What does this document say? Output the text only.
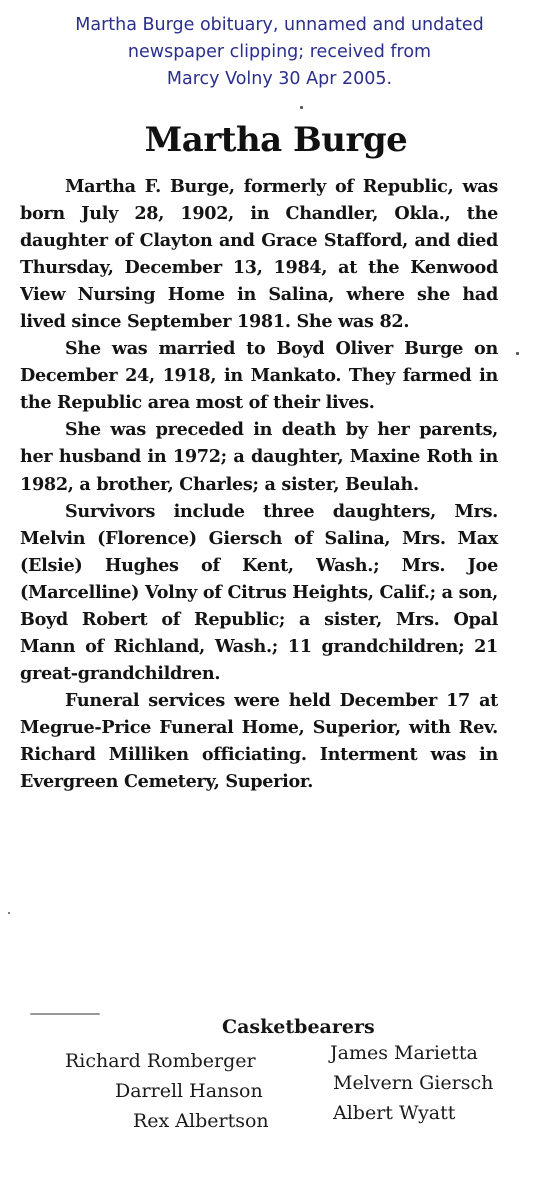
Martha Burge obituary, unnamed and undated
newspaper clipping; received from
Marcy Volny 30 Apr 2005.
Martha Burge

Martha F. Burge, formerly of Republic, was born July 28, 1902, in Chandler, Okla., the daughter of Clayton and Grace Stafford, and died Thursday, December 13, 1984, at the Kenwood View Nursing Home in Salina, where she had lived since September 1981. She was 82.

She was married to Boyd Oliver Burge on December 24, 1918, in Mankato. They farmed in the Republic area most of their lives.

She was preceded in death by her parents, her husband in 1972; a daughter, Maxine Roth in 1982, a brother, Charles; a sister, Beulah.

Survivors include three daughters, Mrs. Melvin (Florence) Giersch of Salina, Mrs. Max (Elsie) Hughes of Kent, Wash.; Mrs. Joe (Marcelline) Volny of Citrus Heights, Calif.; a son, Boyd Robert of Republic; a sister, Mrs. Opal Mann of Richland, Wash.; 11 grandchildren; 21 great-grandchildren.

Funeral services were held December 17 at Megrue-Price Funeral Home, Superior, with Rev. Richard Milliken officiating. Interment was in Evergreen Cemetery, Superior.

Casketbearers
Richard Romberger	James Marietta
Darrell Hanson	Melvern Giersch
Rex Albertson	Albert Wyatt
